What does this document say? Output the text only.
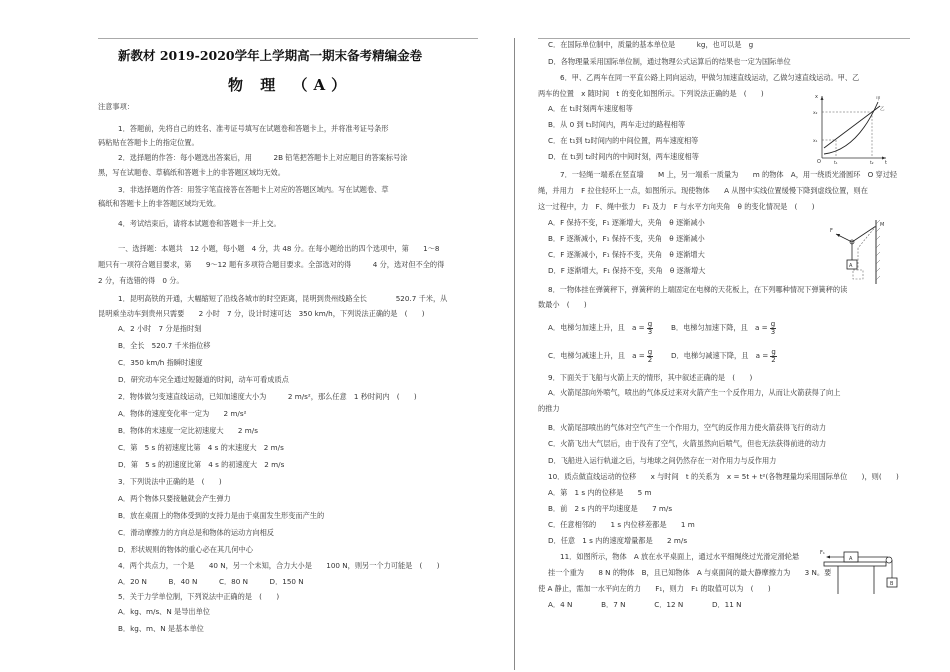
新教材 2019-2020学年上学期高一期末备考精编金卷
物 理 （A）
注意事项：
1．答题前，先将自己的姓名、准考证号填写在试题卷和答题卡上，并将准考证号条形
码粘贴在答题卡上的指定位置。
2．选择题的作答：每小题选出答案后，用　　　2B 铅笔把答题卡上对应题目的答案标号涂
黑，写在试题卷、草稿纸和答题卡上的非答题区域均无效。
3．非选择题的作答：用签字笔直接答在答题卡上对应的答题区域内。写在试题卷、草
稿纸和答题卡上的非答题区域均无效。
4．考试结束后，请将本试题卷和答题卡一并上交。
一、选择题：本题共　12 小题，每小题　4 分，共 48 分。在每小题给出的四个选项中，第　　1～8
题只有一项符合题目要求，第　　9～12 题有多项符合题目要求。全部选对的得　　　4 分，选对但不全的得
2 分，有选错的得　0 分。
1．昆明高铁的开通，大幅缩短了沿线各城市的时空距离，昆明到贵州线路全长　　　　520.7 千米，从
昆明乘坐动车到贵州只需要　　2 小时　7 分，设计时速可达　350 km/h，下列说法正确的是　(　　)
A．2 小时　7 分是指时刻
B．全长　520.7 千米指位移
C．350 km/h 指瞬时速度
D．研究动车完全通过短隧道的时间，动车可看成质点
2．物体做匀变速直线运动，已知加速度大小为　　　2 m/s²，那么任意　1 秒时间内　(　　)
A．物体的速度变化率一定为　　2 m/s²
B．物体的末速度一定比初速度大　　2 m/s
C．第　5 s 的初速度比第　4 s 的末速度大　2 m/s
D．第　5 s 的初速度比第　4 s 的初速度大　2 m/s
3．下列说法中正确的是　(　　)
A．两个物体只要接触就会产生弹力
B．放在桌面上的物体受到的支持力是由于桌面发生形变而产生的
C．滑动摩擦力的方向总是和物体的运动方向相反
D．形状规则的物体的重心必在其几何中心
4．两个共点力，一个是　　40 N，另一个未知，合力大小是　　100 N，则另一个力可能是　(　　)
A．20 N　　　B．40 N　　　C．80 N　　　D．150 N
5．关于力学单位制，下列说法中正确的是　(　　)
A．kg、m/s、N 是导出单位
B．kg、m、N 是基本单位
C．在国际单位制中，质量的基本单位是　　　kg，也可以是　g
D．各物理量采用国际单位制，通过物理公式运算后的结果也一定为国际单位
6．甲、乙两车在同一平直公路上同向运动，甲做匀加速直线运动，乙做匀速直线运动。甲、乙
两车的位置　x 随时间　t 的变化如图所示。下列说法正确的是　(　　)
A．在 t₁时刻两车速度相等
B．从 0 到 t₁时间内，两车走过的路程相等
C．在 t₁到 t₂时间内的中间位置，两车速度相等
D．在 t₁到 t₂时间内的中间时刻，两车速度相等
7．一轻绳一端系在竖直墙　　M 上，另一端系一质量为　　m 的物体　A，用一绕质光滑圆环　O 穿过轻
绳，并用力　F 拉住轻环上一点，如图所示。现使物体　　A 从图中实线位置缓慢下降到虚线位置，则在
这一过程中，力　F、绳中张力　F₁ 及力　F 与水平方向夹角　θ 的变化情况是　(　　)
A．F 保持不变，F₁ 逐渐增大，夹角　θ 逐渐减小
B．F 逐渐减小，F₁ 保持不变，夹角　θ 逐渐减小
C．F 逐渐减小，F₁ 保持不变，夹角　θ 逐渐增大
D．F 逐渐增大，F₁ 保持不变，夹角　θ 逐渐增大
8．一物体挂在弹簧秤下，弹簧秤的上端固定在电梯的天花板上，在下列哪种情况下弹簧秤的读
数最小　(　　)
A．电梯匀加速上升，且　$a = \frac{g}{3}$ B．电梯匀加速下降，且　$a = \frac{g}{3}$
C．电梯匀减速上升，且　$a = \frac{g}{2}$ D．电梯匀减速下降，且　$a = \frac{g}{2}$
9．下面关于飞船与火箭上天的情形，其中叙述正确的是　(　　)
A．火箭尾部向外喷气，喷出的气体反过来对火箭产生一个反作用力，从而让火箭获得了向上
的推力
B．火箭尾部喷出的气体对空气产生一个作用力，空气的反作用力使火箭获得飞行的动力
C．火箭飞出大气层后，由于没有了空气，火箭虽然向后喷气，但也无法获得前进的动力
D．飞船进入运行轨道之后，与地球之间仍然存在一对作用力与反作用力
10．质点做直线运动的位移　　x 与时间　t 的关系为　x = 5t + t²(各物理量均采用国际单位　　)，则(　　)
A．第　1 s 内的位移是　　5 m
B．前　2 s 内的平均速度是　　7 m/s
C．任意相邻的　　1 s 内位移差都是　　1 m
D．任意　1 s 内的速度增量都是　　2 m/s
11．如图所示，物体　A 放在水平桌面上，通过水平细绳绕过光滑定滑轮悬
挂一个重为　　8 N 的物体　B，且已知物体　A 与桌面间的最大静摩擦力为　　3 N。要
使 A 静止，需加一水平向左的力　　F₁，则力　F₁ 的取值可以为　(　　)
A．4 N　　　　B．7 N　　　　C．12 N　　　　D．11 N
O	t
x
t₁	t₂
x₁
x₂
甲
乙
M
F
A
F₁
A
B
